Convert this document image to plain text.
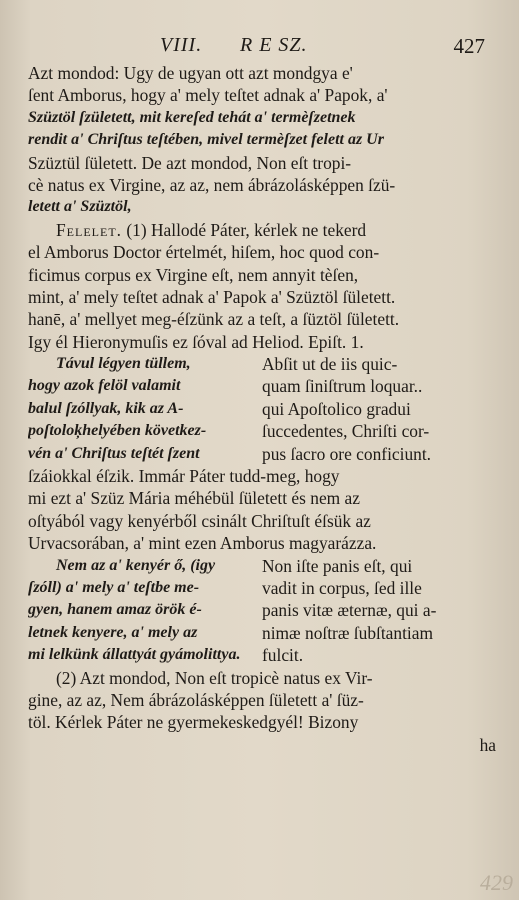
VIII. R E SZ.	427
Azt mondod: Ugy de ugyan ott azt mondgya e'
ſent Amborus, hogy a' mely teſtet adnak a' Papok, a'
Szüztöl ſzületett, mit kereſed tehát a' termèſzetnek
rendit a' Chriſtus teſtében, mivel termèſzet felett az Ur
Szüztül ſületett. De azt mondod, Non eſt tropi-
cè natus ex Virgine, az az, nem ábrázolásképpen ſzü-
letett a' Szüztöl,
Felelet. (1) Hallodé Páter, kérlek ne tekerd
el Amborus Doctor értelmét, hiſem, hoc quod con-
ficimus corpus ex Virgine eſt, nem annyit tèſen,
mint, a' mely teſtet adnak a' Papok a' Szüztöl ſületett.
hanē, a' mellyet meg-éſzünk az a teſt, a ſüztöl ſületett.
Igy él Hieronymuſis ez ſóval ad Heliod. Epiſt. 1.
Távul légyen tüllem,	Abſit ut de iis quic-
hogy azok felöl valamit	quam ſiniſtrum loquar..
balul ſzóllyak, kik az A-	qui Apoſtolico gradui
poſtoloķhelyében következ-	ſuccedentes, Chriſti cor-
vén a' Chriſtus teſtét ſzent	pus ſacro ore conficiunt.
ſzáiokkal éſzik. Immár Páter tudd-meg, hogy
mi ezt a' Szüz Mária méhébül ſületett és nem az
oſtyából vagy kenyérből csinált Chriſtuſt éſsük az
Urvacsorában, a' mint ezen Amborus magyarázza.
Nem az a' kenyér ő, (igy	Non iſte panis eſt, qui
ſzóll) a' mely a' teſtbe me-	vadit in corpus, ſed ille
gyen, hanem amaz örök é-	panis vitæ æternæ, qui a-
letnek kenyere, a' mely az	nimæ noſtræ ſubſtantiam
mi lelkünk állattyát gyámolittya.	fulcit.
(2) Azt mondod, Non eſt tropicè natus ex Vir-
gine, az az, Nem ábrázolásképpen ſületett a' ſüz-
töl. Kérlek Páter ne gyermekeskedgyél! Bizony
ha
429
